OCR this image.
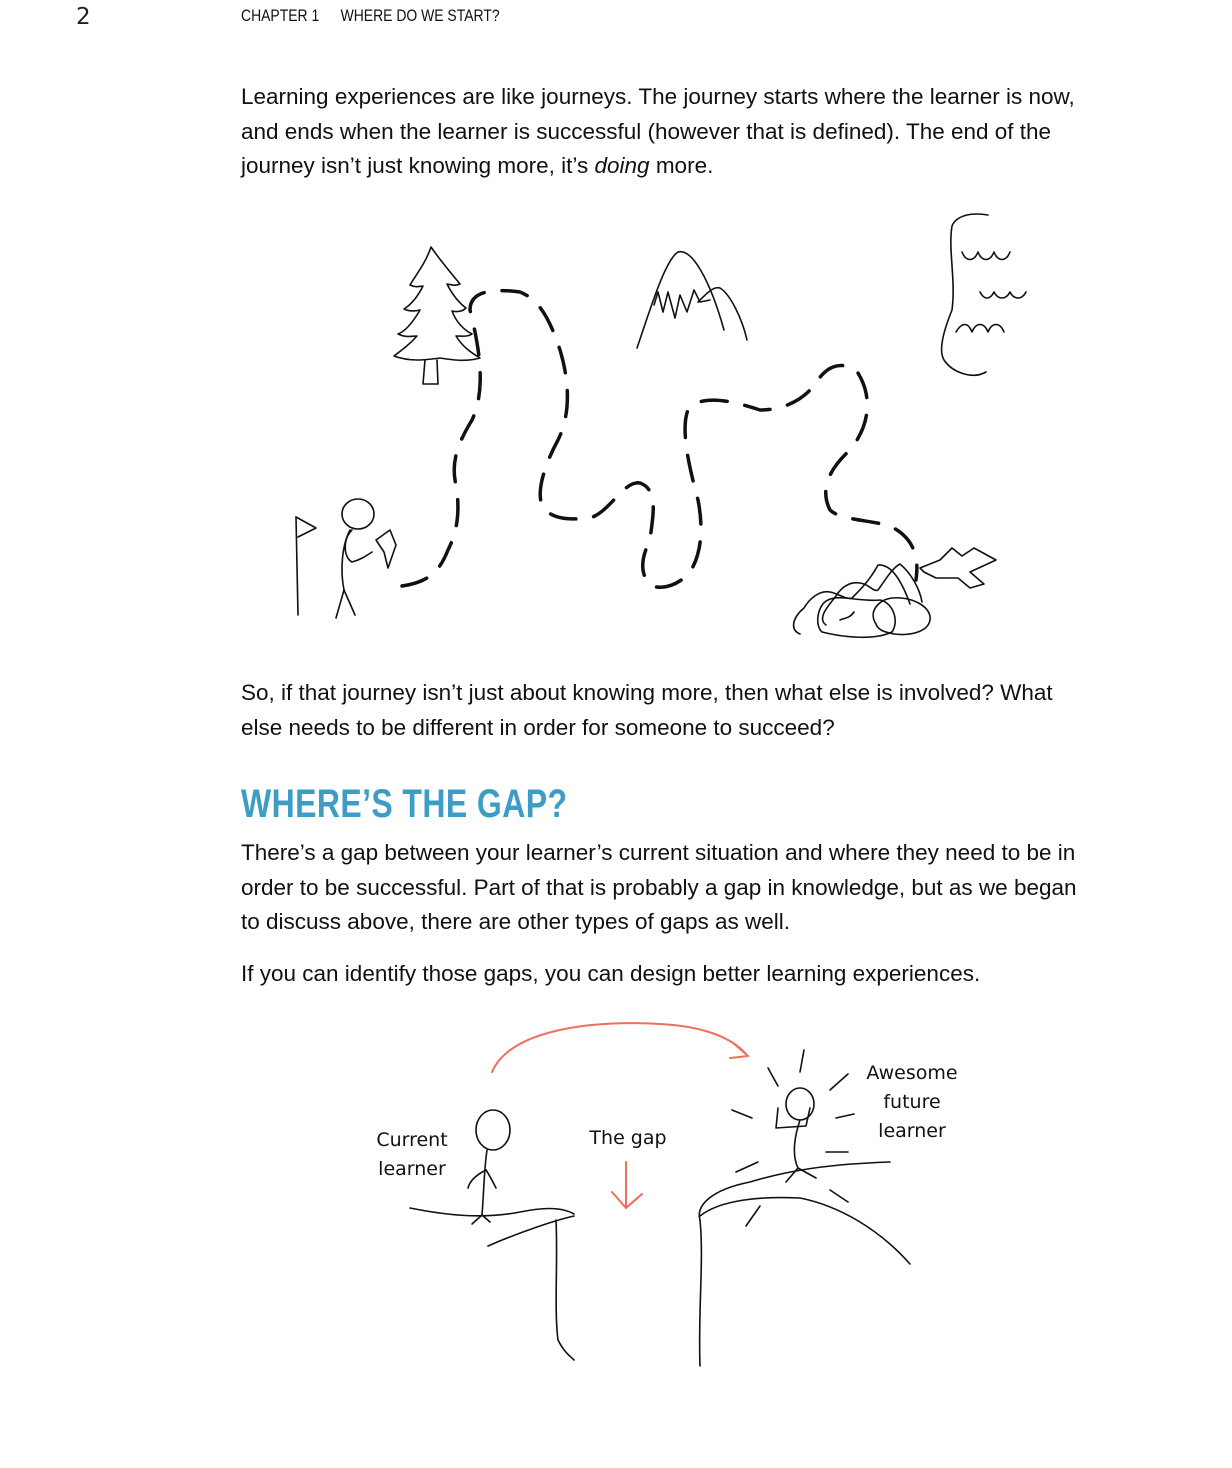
2	CHAPTER 1 WHERE DO WE START?

Learning experiences are like journeys. The journey starts where the learner is now, and ends when the learner is successful (however that is defined). The end of the journey isn’t just knowing more, it’s doing more.

So, if that journey isn’t just about knowing more, then what else is involved? What else needs to be different in order for someone to succeed?

WHERE’S THE GAP?

There’s a gap between your learner’s current situation and where they need to be in order to be successful. Part of that is probably a gap in knowledge, but as we began to discuss above, there are other types of gaps as well.

If you can identify those gaps, you can design better learning experiences.

Current
learner
The gap
Awesome
future
learner
